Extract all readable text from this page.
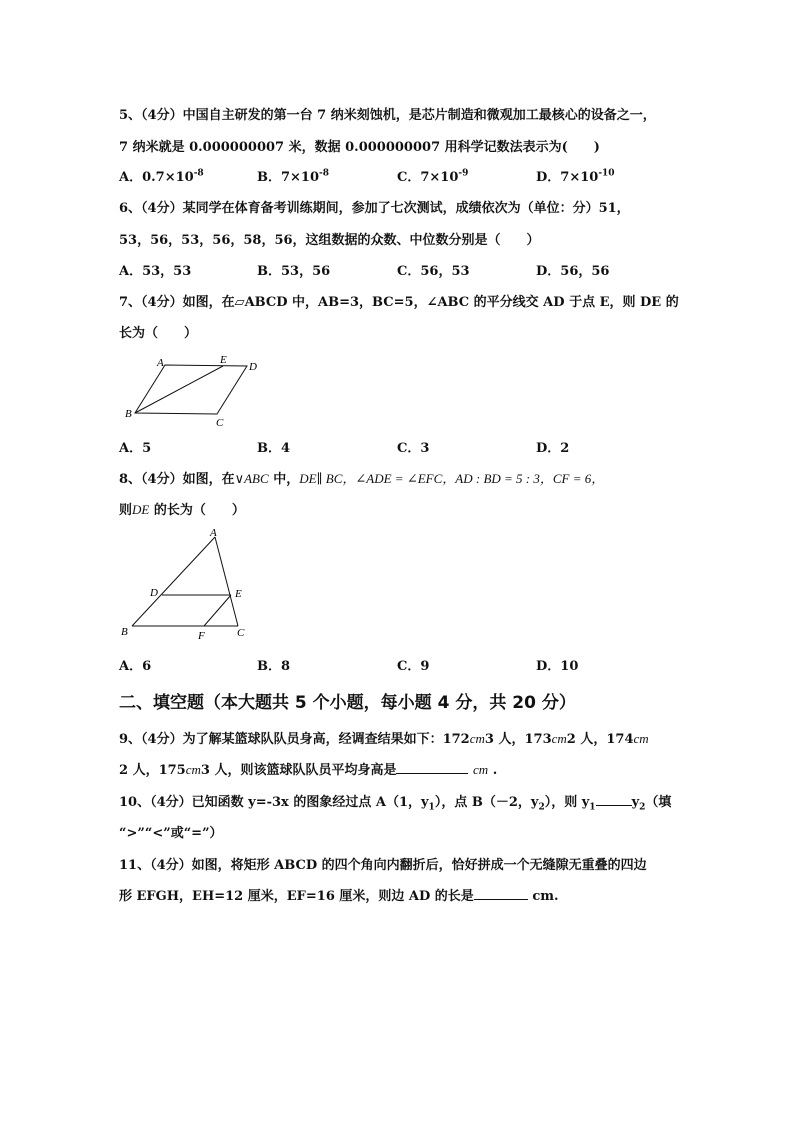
5、（4分）中国自主研发的第一台 7 纳米刻蚀机，是芯片制造和微观加工最核心的设备之一，
7 纳米就是 0.000000007 米，数据 0.000000007 用科学记数法表示为(　　)
A．$0.7\times 10^{-8}$	B．$7\times 10^{-8}$	C．$7\times 10^{-9}$	D．$7\times 10^{-10}$
6、（4分）某同学在体育备考训练期间，参加了七次测试，成绩依次为（单位：分）51，
53，56，53，56，58，56，这组数据的众数、中位数分别是（　　）
A．53，53	B．53，56	C．56，53	D．56，56
7、（4分）如图，在▱ABCD 中，AB=3，BC=5，∠ABC 的平分线交 AD 于点 E，则 DE 的
长为（　　）
A	E
D
B
C
A．5	B．4	C．3	D．2
8、（4分）如图，在∨ABC 中，DE∥ BC，∠ADE = ∠EFC，AD : BD = 5 : 3，CF = 6，
则DE 的长为（　　）
A
D	E
B	F	C
A．6	B．8	C．9	D．10
二、填空题（本大题共 5 个小题，每小题 4 分，共 20 分）
9、（4分）为了解某篮球队队员身高，经调查结果如下：172cm3 人，173cm2 人，174cm
2 人，175cm3 人，则该篮球队队员平均身高是	cm .
10、（4分）已知函数 y=-3x 的图象经过点 A（1，$y_1$），点 B（－2，$y_2$），则 $y_1$	$y_2$（填
“>”“<”或“=”）
11、（4分）如图，将矩形 ABCD 的四个角向内翻折后，恰好拼成一个无缝隙无重叠的四边
形 EFGH，EH=12 厘米，EF=16 厘米，则边 AD 的长是	cm.
